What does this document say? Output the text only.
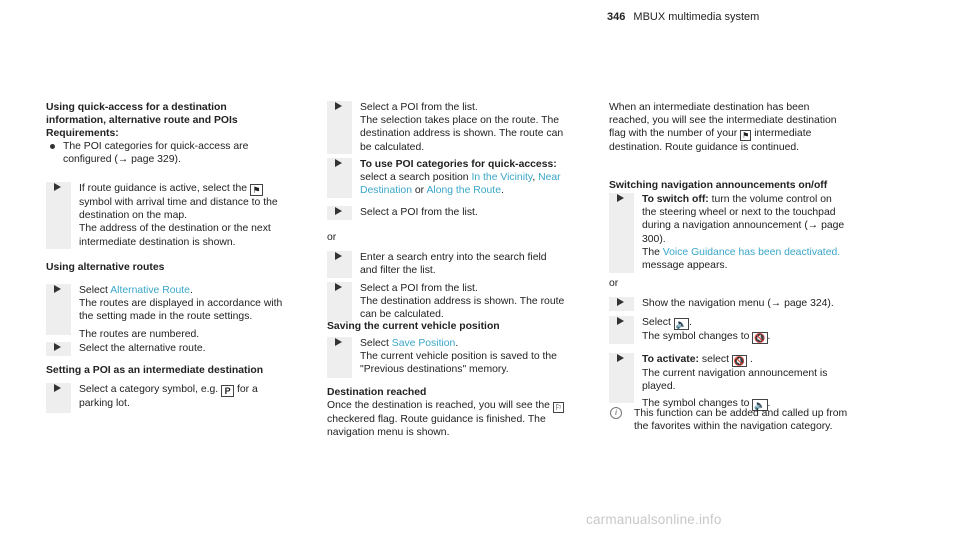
346 MBUX multimedia system
Using quick-access for a destination information, alternative route and POIs
Requirements:
The POI categories for quick-access are configured (→ page 329).
If route guidance is active, select the ⚑ symbol with arrival time and distance to the destination on the map.
The address of the destination or the next intermediate destination is shown.
Using alternative routes
Select Alternative Route.
The routes are displayed in accordance with the setting made in the route settings.
The routes are numbered.
Select the alternative route.
Setting a POI as an intermediate destination
Select a category symbol, e.g. P for a parking lot.
Select a POI from the list.
The selection takes place on the route. The destination address is shown. The route can be calculated.
To use POI categories for quick-access: select a search position In the Vicinity, Near Destination or Along the Route.
Select a POI from the list.
or
Enter a search entry into the search field and filter the list.
Select a POI from the list.
The destination address is shown. The route can be calculated.
Saving the current vehicle position
Select Save Position.
The current vehicle position is saved to the "Previous destinations" memory.
Destination reached
Once the destination is reached, you will see the ⚐ checkered flag. Route guidance is finished. The navigation menu is shown.
When an intermediate destination has been reached, you will see the intermediate destination flag with the number of your ⚑ intermediate destination. Route guidance is continued.
Switching navigation announcements on/off
To switch off: turn the volume control on the steering wheel or next to the touchpad during a navigation announcement (→ page 300).
The Voice Guidance has been deactivated. message appears.
or
Show the navigation menu (→ page 324).
Select 🔈 .
The symbol changes to 🔇 .
To activate: select 🔇 .
The current navigation announcement is played.
The symbol changes to 🔈 .
i	This function can be added and called up from the favorites within the navigation category.
carmanualsonline.info
